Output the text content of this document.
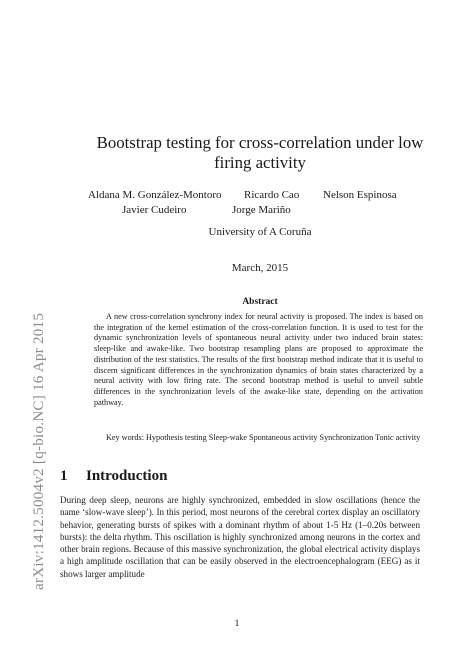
arXiv:1412.5004v2 [q-bio.NC] 16 Apr 2015
Bootstrap testing for cross-correlation under low firing activity
Aldana M. González-Montoro Ricardo Cao Nelson Espinosa
Javier Cudeiro	Jorge Mariño
University of A Coruña
March, 2015
Abstract
A new cross-correlation synchrony index for neural activity is proposed. The index is based on the integration of the kernel estimation of the cross-correlation function. It is used to test for the dynamic synchronization levels of spontaneous neural activity under two induced brain states: sleep-like and awake-like. Two bootstrap resampling plans are proposed to approximate the distribution of the test statistics. The results of the first bootstrap method indicate that it is useful to discern significant differences in the synchronization dynamics of brain states characterized by a neural activity with low firing rate. The second bootstrap method is useful to unveil subtle differences in the synchronization levels of the awake-like state, depending on the activation pathway.
Key words: Hypothesis testing Sleep-wake Spontaneous activity Synchronization Tonic activity
1 Introduction
During deep sleep, neurons are highly synchronized, embedded in slow oscillations (hence the name ‘slow-wave sleep’). In this period, most neurons of the cerebral cortex display an oscillatory behavior, generating bursts of spikes with a dominant rhythm of about 1-5 Hz (1–0.20s between bursts): the delta rhythm. This oscillation is highly synchronized among neurons in the cortex and other brain regions. Because of this massive synchronization, the global electrical activity displays a high amplitude oscillation that can be easily observed in the electroencephalogram (EEG) as it shows larger amplitude
1
